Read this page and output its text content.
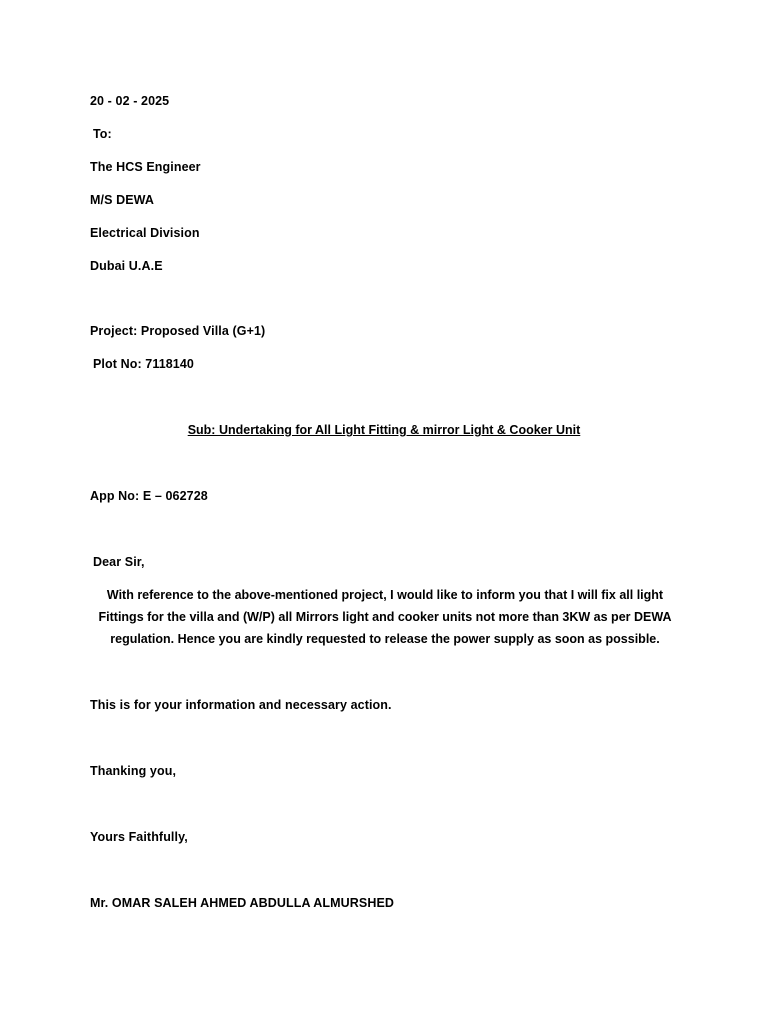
20 - 02 - 2025
To:
The HCS Engineer
M/S DEWA
Electrical Division
Dubai U.A.E
Project: Proposed Villa (G+1)
Plot No: 7118140
Sub: Undertaking for All Light Fitting & mirror Light & Cooker Unit
App No: E – 062728
Dear Sir,
With reference to the above-mentioned project, I would like to inform you that I will fix all light
Fittings for the villa and (W/P) all Mirrors light and cooker units not more than 3KW as per DEWA
regulation. Hence you are kindly requested to release the power supply as soon as possible.
This is for your information and necessary action.
Thanking you,
Yours Faithfully,
Mr. OMAR SALEH AHMED ABDULLA ALMURSHED
